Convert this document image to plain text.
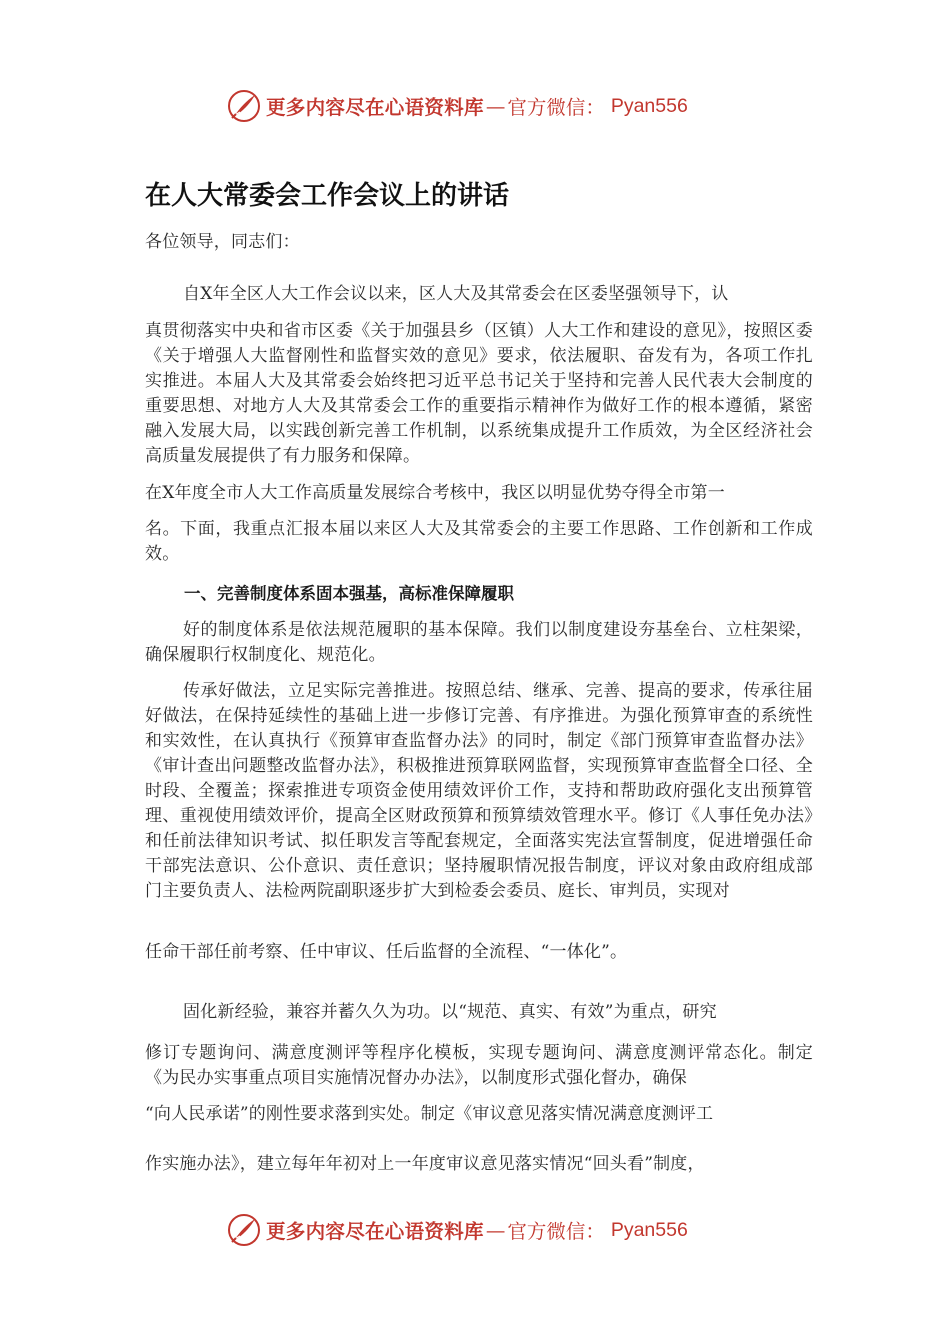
更多内容尽在心语资料库 — 官方微信： Pyan556
在人大常委会工作会议上的讲话

各位领导，同志们：

自X年全区人大工作会议以来，区人大及其常委会在区委坚强领导下，认

真贯彻落实中央和省市区委《关于加强县乡（区镇）人大工作和建设的意见》，按照区委《关于增强人大监督刚性和监督实效的意见》要求，依法履职、奋发有为，各项工作扎实推进。本届人大及其常委会始终把习近平总书记关于坚持和完善人民代表大会制度的重要思想、对地方人大及其常委会工作的重要指示精神作为做好工作的根本遵循，紧密融入发展大局，以实践创新完善工作机制，以系统集成提升工作质效，为全区经济社会高质量发展提供了有力服务和保障。

在X年度全市人大工作高质量发展综合考核中，我区以明显优势夺得全市第一

名。下面，我重点汇报本届以来区人大及其常委会的主要工作思路、工作创新和工作成效。

一、完善制度体系固本强基，高标准保障履职

好的制度体系是依法规范履职的基本保障。我们以制度建设夯基垒台、立柱架梁，确保履职行权制度化、规范化。

传承好做法，立足实际完善推进。按照总结、继承、完善、提高的要求，传承往届好做法，在保持延续性的基础上进一步修订完善、有序推进。为强化预算审查的系统性和实效性，在认真执行《预算审查监督办法》的同时，制定《部门预算审查监督办法》《审计查出问题整改监督办法》，积极推进预算联网监督，实现预算审查监督全口径、全时段、全覆盖；探索推进专项资金使用绩效评价工作，支持和帮助政府强化支出预算管理、重视使用绩效评价，提高全区财政预算和预算绩效管理水平。修订《人事任免办法》和任前法律知识考试、拟任职发言等配套规定，全面落实宪法宣誓制度，促进增强任命干部宪法意识、公仆意识、责任意识；坚持履职情况报告制度，评议对象由政府组成部门主要负责人、法检两院副职逐步扩大到检委会委员、庭长、审判员，实现对

任命干部任前考察、任中审议、任后监督的全流程、“一体化”。

固化新经验，兼容并蓄久久为功。以“规范、真实、有效”为重点，研究

修订专题询问、满意度测评等程序化模板，实现专题询问、满意度测评常态化。制定《为民办实事重点项目实施情况督办办法》，以制度形式强化督办，确保

“向人民承诺”的刚性要求落到实处。制定《审议意见落实情况满意度测评工

作实施办法》，建立每年年初对上一年度审议意见落实情况“回头看”制度，

更多内容尽在心语资料库 — 官方微信： Pyan556
